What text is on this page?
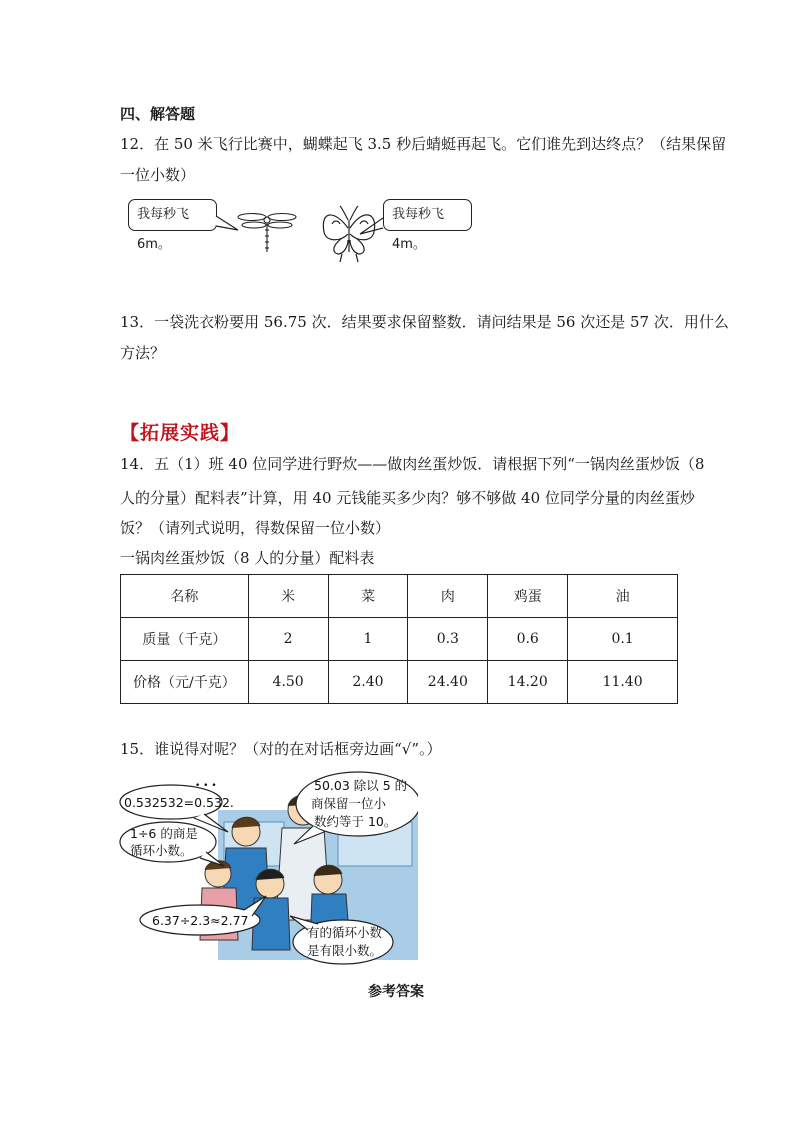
四、解答题
12．在 50 米飞行比赛中，蝴蝶起飞 3.5 秒后蜻蜓再起飞。它们谁先到达终点？（结果保留
一位小数）
我每秒飞6m。
我每秒飞4m。
13．一袋洗衣粉要用 56.75 次．结果要求保留整数．请问结果是 56 次还是 57 次．用什么
方法？
【拓展实践】
14．五（1）班 40 位同学进行野炊——做肉丝蛋炒饭．请根据下列“一锅肉丝蛋炒饭（8
人的分量）配料表”计算，用 40 元钱能买多少肉？够不够做 40 位同学分量的肉丝蛋炒
饭？（请列式说明，得数保留一位小数）
一锅肉丝蛋炒饭（8 人的分量）配料表
名称	米	菜	肉	鸡蛋	油
质量（千克）	2	1	0.3	0.6	0.1
价格（元/千克）	4.50	2.40	24.40	14.20	11.40
15．谁说得对呢？（对的在对话框旁边画“√”。）
0.532532=0.532.
• • •	50.03 除以 5 的
商保留一位小
数约等于 10。
1÷6 的商是
循环小数。
6.37÷2.3≈2.77
有的循环小数
是有限小数。
参考答案
